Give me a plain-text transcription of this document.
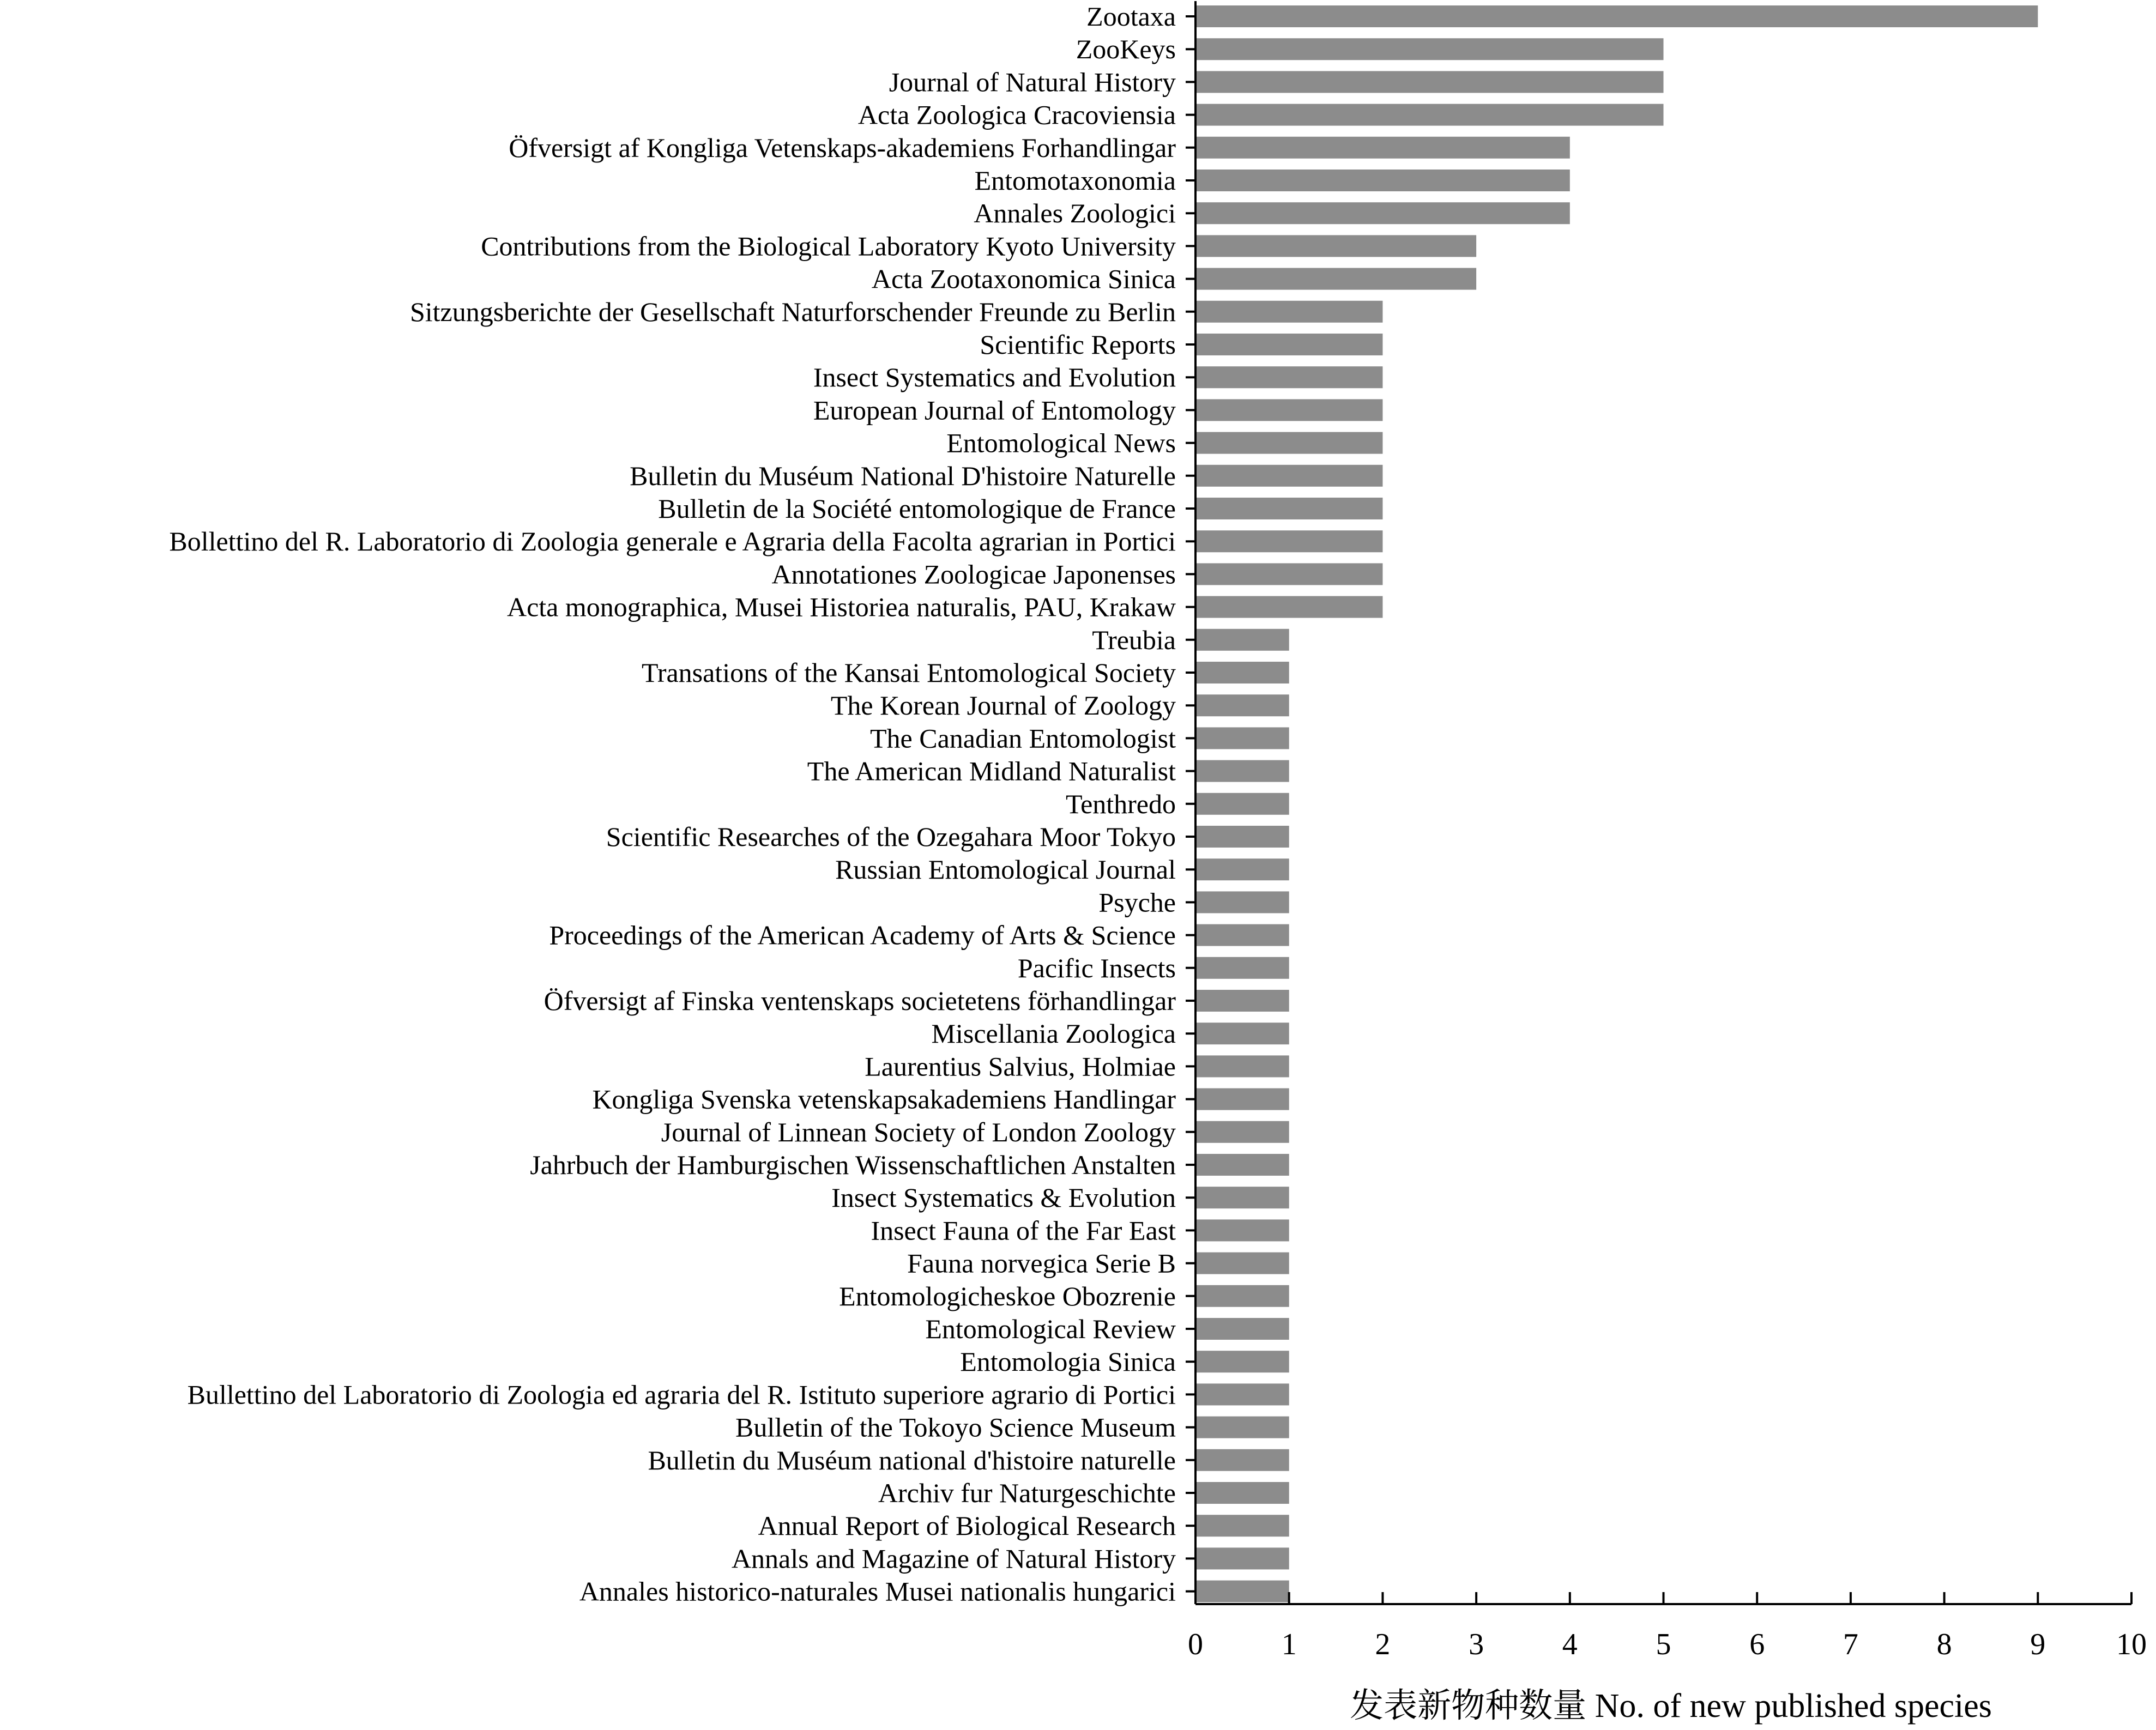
Zootaxa
ZooKeys
Journal of Natural History
Acta Zoologica Cracoviensia
Öfversigt af Kongliga Vetenskaps-akademiens Forhandlingar
Entomotaxonomia
Annales Zoologici
Contributions from the Biological Laboratory Kyoto University
Acta Zootaxonomica Sinica
Sitzungsberichte der Gesellschaft Naturforschender Freunde zu Berlin
Scientific Reports
Insect Systematics and Evolution
European Journal of Entomology
Entomological News
Bulletin du Muséum National D'histoire Naturelle
Bulletin de la Société entomologique de France
Bollettino del R. Laboratorio di Zoologia generale e Agraria della Facolta agrarian in Portici
Annotationes Zoologicae Japonenses
Acta monographica, Musei Historiea naturalis, PAU, Krakaw
Treubia
Transations of the Kansai Entomological Society
The Korean Journal of Zoology
The Canadian Entomologist
The American Midland Naturalist
Tenthredo
Scientific Researches of the Ozegahara Moor Tokyo
Russian Entomological Journal
Psyche
Proceedings of the American Academy of Arts & Science
Pacific Insects
Öfversigt af Finska ventenskaps societetens förhandlingar
Miscellania Zoologica
Laurentius Salvius, Holmiae
Kongliga Svenska vetenskapsakademiens Handlingar
Journal of Linnean Society of London Zoology
Jahrbuch der Hamburgischen Wissenschaftlichen Anstalten
Insect Systematics & Evolution
Insect Fauna of the Far East
Fauna norvegica Serie B
Entomologicheskoe Obozrenie
Entomological Review
Entomologia Sinica
Bullettino del Laboratorio di Zoologia ed agraria del R. Istituto superiore agrario di Portici
Bulletin of the Tokoyo Science Museum
Bulletin du Muséum national d'histoire naturelle
Archiv fur Naturgeschichte
Annual Report of Biological Research
Annals and Magazine of Natural History
Annales historico-naturales Musei nationalis hungarici
0	1	2	3	4	5	6	7	8	9 10
发表新物种数量 No. of new published species
